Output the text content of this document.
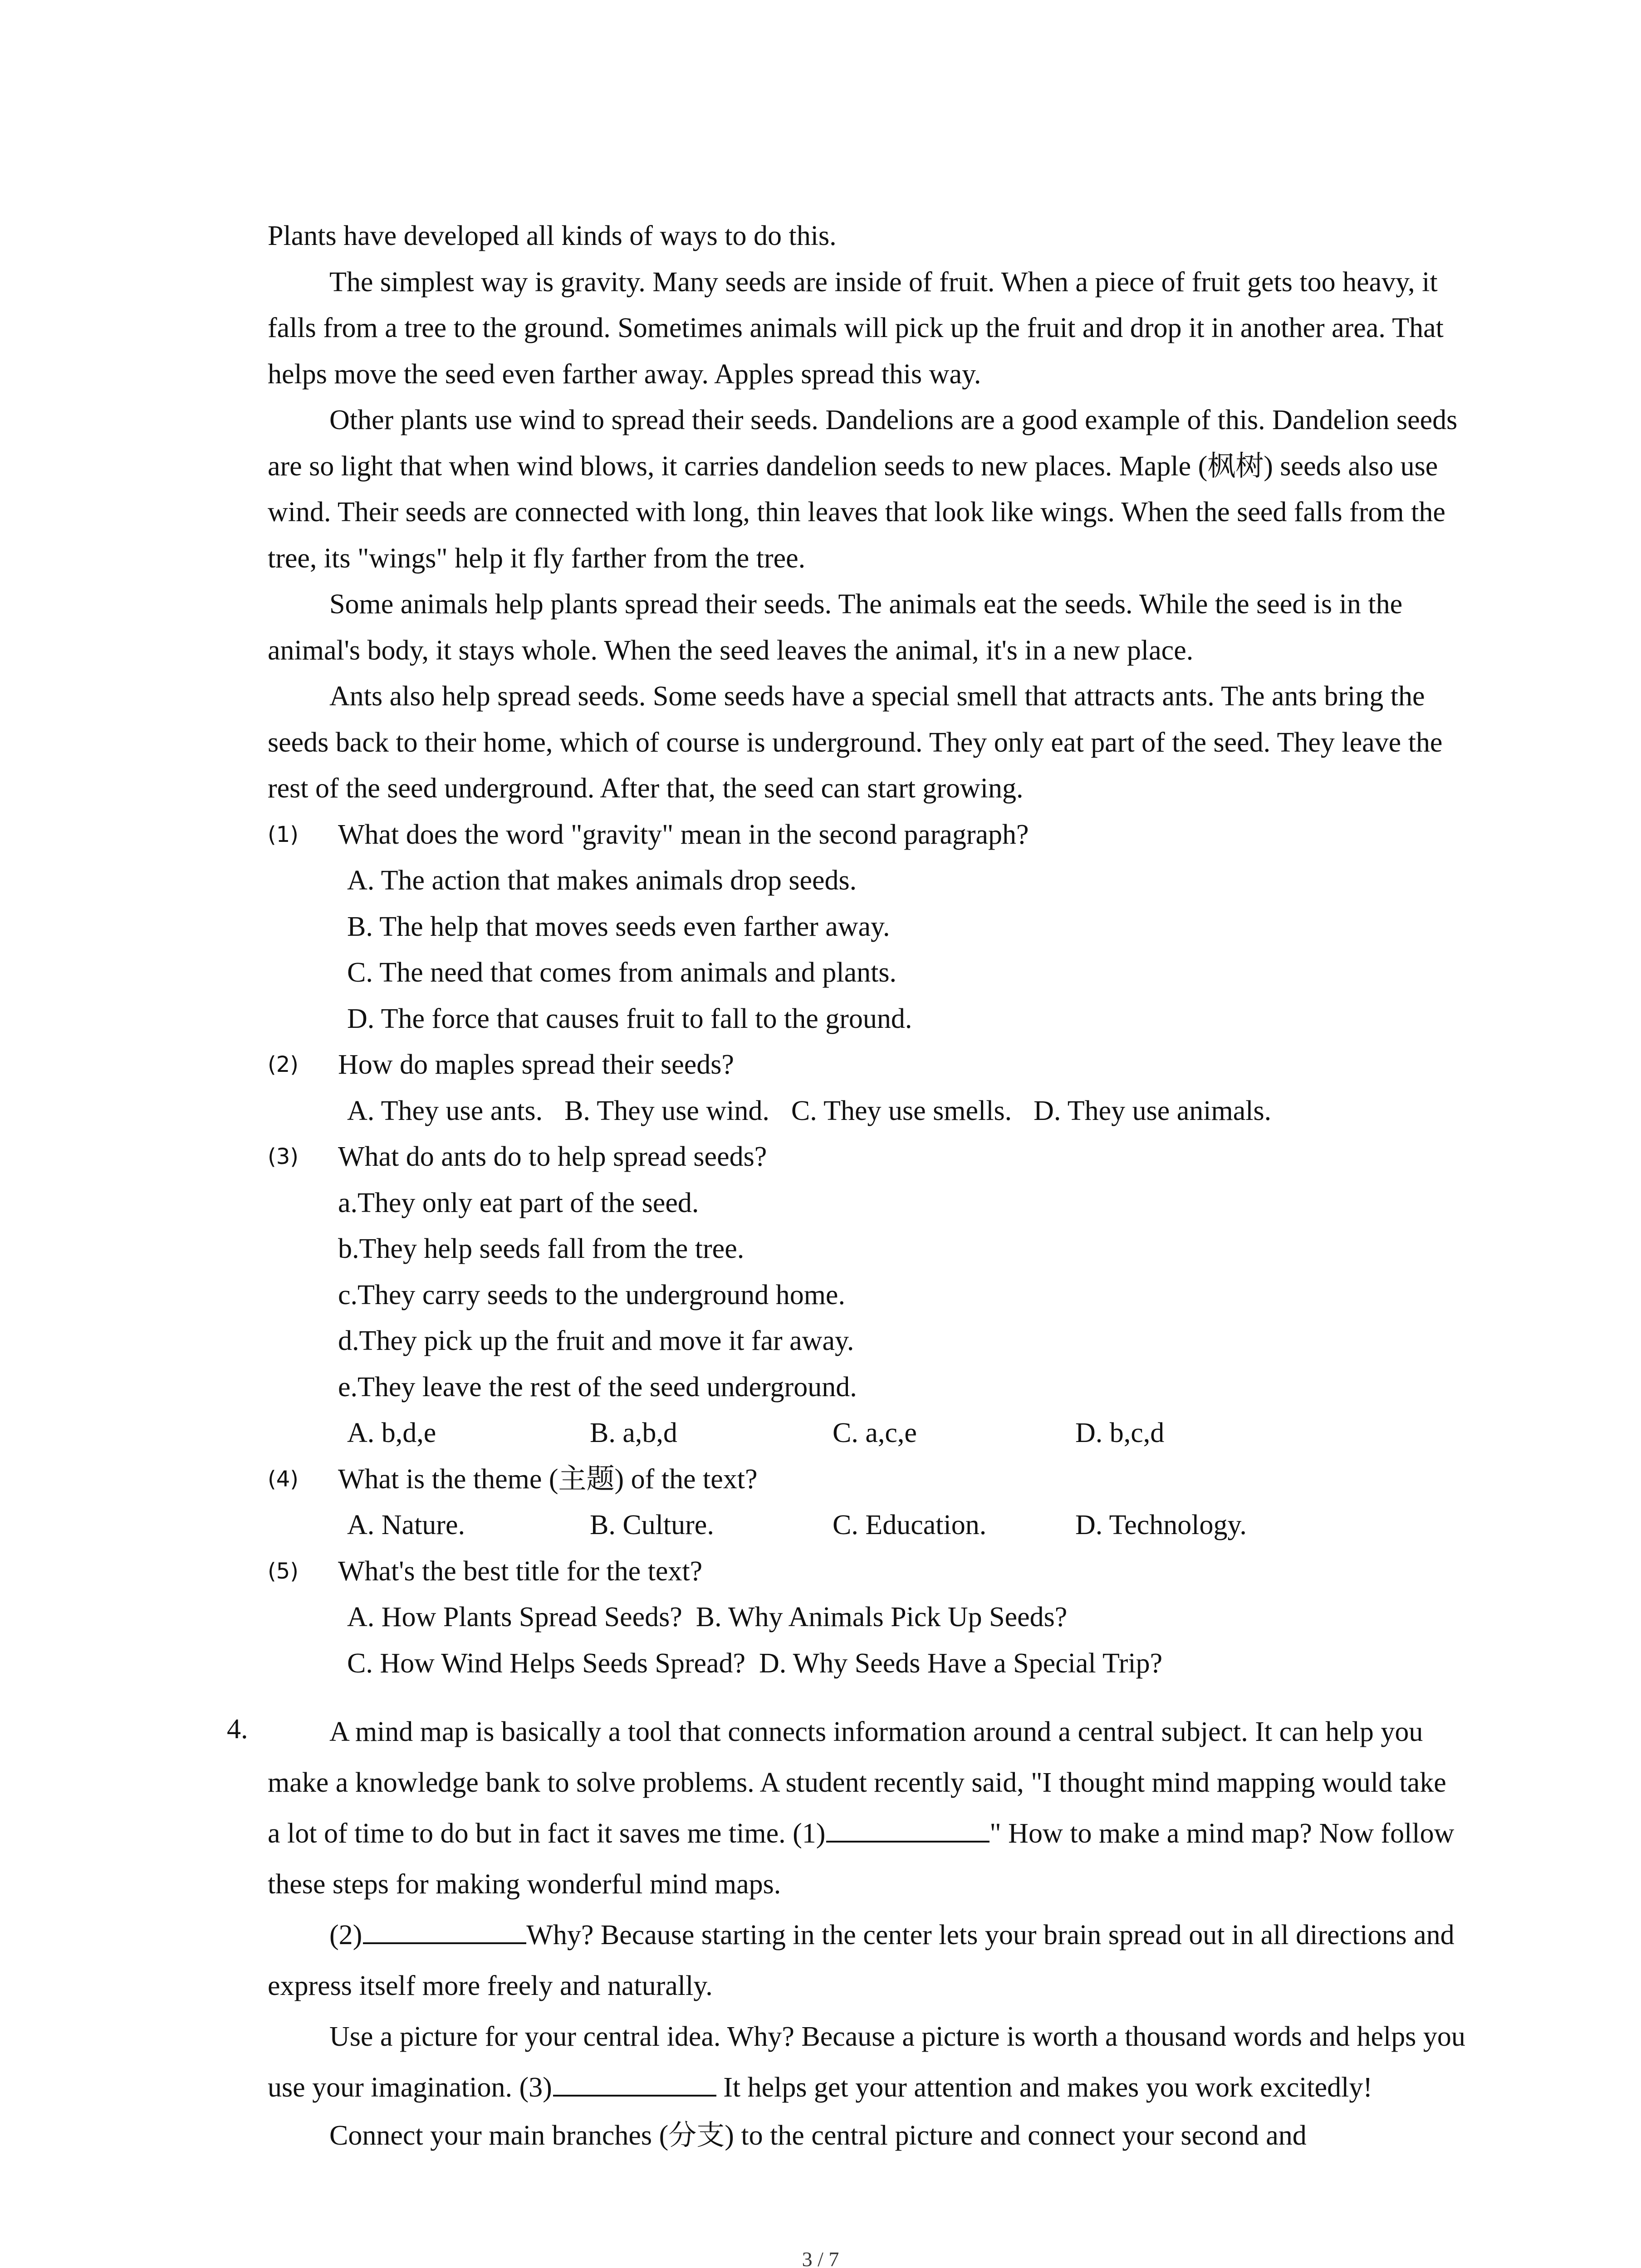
Plants have developed all kinds of ways to do this.

The simplest way is gravity. Many seeds are inside of fruit. When a piece of fruit gets too heavy, it falls from a tree to the ground. Sometimes animals will pick up the fruit and drop it in another area. That helps move the seed even farther away. Apples spread this way.

Other plants use wind to spread their seeds. Dandelions are a good example of this. Dandelion seeds are so light that when wind blows, it carries dandelion seeds to new places. Maple (枫树) seeds also use wind. Their seeds are connected with long, thin leaves that look like wings. When the seed falls from the tree, its "wings" help it fly farther from the tree.

Some animals help plants spread their seeds. The animals eat the seeds. While the seed is in the animal's body, it stays whole. When the seed leaves the animal, it's in a new place.

Ants also help spread seeds. Some seeds have a special smell that attracts ants. The ants bring the seeds back to their home, which of course is underground. They only eat part of the seed. They leave the rest of the seed underground. After that, the seed can start growing.

(1) What does the word "gravity" mean in the second paragraph?

A. The action that makes animals drop seeds.

B. The help that moves seeds even farther away.

C. The need that comes from animals and plants.

D. The force that causes fruit to fall to the ground.

(2) How do maples spread their seeds?

A. They use ants. B. They use wind. C. They use smells. D. They use animals.
(3) What do ants do to help spread seeds?

a.They only eat part of the seed.

b.They help seeds fall from the tree.

c.They carry seeds to the underground home.

d.They pick up the fruit and move it far away.

e.They leave the rest of the seed underground.

A. b,d,e	B. a,b,d	C. a,c,e	D. b,c,d
(4) What is the theme (主题) of the text?

A. Nature.	B. Culture.	C. Education.	D. Technology.
(5) What's the best title for the text?

A. How Plants Spread Seeds? B. Why Animals Pick Up Seeds?
C. How Wind Helps Seeds Spread? D. Why Seeds Have a Special Trip?
4.	A mind map is basically a tool that connects information around a central subject. It can help you make a knowledge bank to solve problems. A student recently said, "I thought mind mapping would take a lot of time to do but in fact it saves me time. (1)	" How to make a mind map? Now follow these steps for making wonderful mind maps.

(2)	Why? Because starting in the center lets your brain spread out in all directions and express itself more freely and naturally.

Use a picture for your central idea. Why? Because a picture is worth a thousand words and helps you use your imagination. (3)	It helps get your attention and makes you work excitedly!

Connect your main branches (分支) to the central picture and connect your second and

3 / 7
